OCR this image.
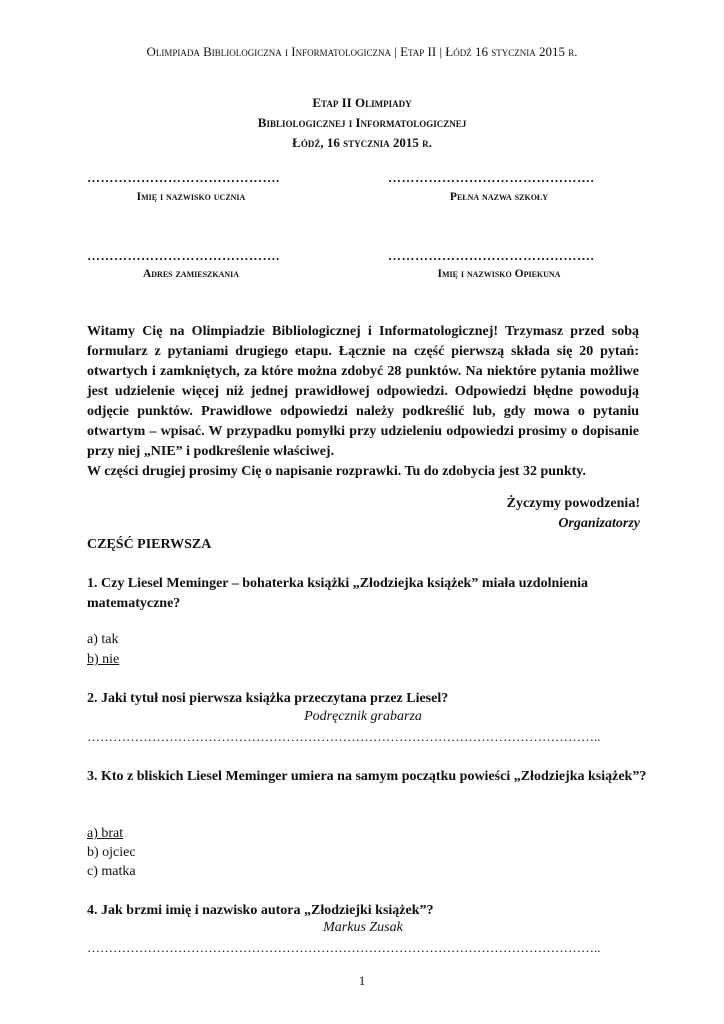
Olimpiada Bibliologiczna i Informatologiczna | Etap II | Łódź 16 stycznia 2015 r.
Etap II Olimpiady
Bibliologicznej i Informatologicznej
Łódź, 16 stycznia 2015 r.
…………………………………….	……………………………………….
Imię i nazwisko ucznia	Pełna nazwa szkoły
…………………………………….	……………………………………….
Adres zamieszkania	Imię i nazwisko Opiekuna

Witamy Cię na Olimpiadzie Bibliologicznej i Informatologicznej! Trzymasz przed sobą formularz z pytaniami drugiego etapu. Łącznie na część pierwszą składa się 20 pytań: otwartych i zamkniętych, za które można zdobyć 28 punktów. Na niektóre pytania możliwe jest udzielenie więcej niż jednej prawidłowej odpowiedzi. Odpowiedzi błędne powodują odjęcie punktów. Prawidłowe odpowiedzi należy podkreślić lub, gdy mowa o pytaniu otwartym – wpisać. W przypadku pomyłki przy udzieleniu odpowiedzi prosimy o dopisanie przy niej „NIE” i podkreślenie właściwej.

W części drugiej prosimy Cię o napisanie rozprawki. Tu do zdobycia jest 32 punkty.

Życzymy powodzenia!
Organizatorzy
CZĘŚĆ PIERWSZA
1. Czy Liesel Meminger – bohaterka książki „Złodziejka książek” miała uzdolnienia matematyczne?
a) tak
b) nie
2. Jaki tytuł nosi pierwsza książka przeczytana przez Liesel?
Podręcznik grabarza
………………………………………………………………………………………………………..
3. Kto z bliskich Liesel Meminger umiera na samym początku powieści „Złodziejka książek”?
a) brat
b) ojciec
c) matka
4. Jak brzmi imię i nazwisko autora „Złodziejki książek”?
Markus Zusak
………………………………………………………………………………………………………..
1
